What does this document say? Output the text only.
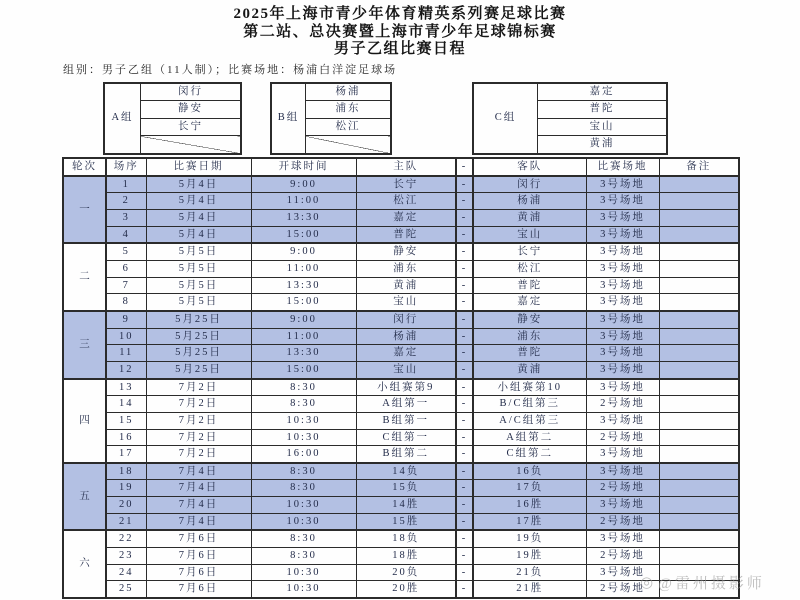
2025年上海市青少年体育精英系列赛足球比赛
第二站、总决赛暨上海市青少年足球锦标赛
男子乙组比赛日程
组别：男子乙组（11人制）；比赛场地：杨浦白洋淀足球场
A组	闵行
静安
长宁

B组	杨浦
浦东
松江

C组	嘉定
普陀
宝山
黄浦
轮次	场序	比赛日期	开球时间	主队	-	客队	比赛场地	备注
一	1	5月4日	9:00	长宁	-	闵行	3号场地	
	2	5月4日	11:00	松江	-	杨浦	3号场地	
	3	5月4日	13:30	嘉定	-	黄浦	3号场地	
	4	5月4日	15:00	普陀	-	宝山	3号场地	
二	5	5月5日	9:00	静安	-	长宁	3号场地	
	6	5月5日	11:00	浦东	-	松江	3号场地	
	7	5月5日	13:30	黄浦	-	普陀	3号场地	
	8	5月5日	15:00	宝山	-	嘉定	3号场地	
三	9	5月25日	9:00	闵行	-	静安	3号场地	
	10	5月25日	11:00	杨浦	-	浦东	3号场地	
	11	5月25日	13:30	嘉定	-	普陀	3号场地	
	12	5月25日	15:00	宝山	-	黄浦	3号场地	
四	13	7月2日	8:30	小组赛第9	-	小组赛第10	3号场地	
	14	7月2日	8:30	A组第一	-	B/C组第三	2号场地	
	15	7月2日	10:30	B组第一	-	A/C组第三	3号场地	
	16	7月2日	10:30	C组第一	-	A组第二	2号场地	
	17	7月2日	16:00	B组第二	-	C组第二	3号场地	
五	18	7月4日	8:30	14负	-	16负	3号场地	
	19	7月4日	8:30	15负	-	17负	2号场地	
	20	7月4日	10:30	14胜	-	16胜	3号场地	
	21	7月4日	10:30	15胜	-	17胜	2号场地	
六	22	7月6日	8:30	18负	-	19负	3号场地	
	23	7月6日	8:30	18胜	-	19胜	2号场地	
	24	7月6日	10:30	20负	-	21负	3号场地	
	25	7月6日	10:30	20胜	-	21胜	2号场地	
◎ @雷州摄影师
